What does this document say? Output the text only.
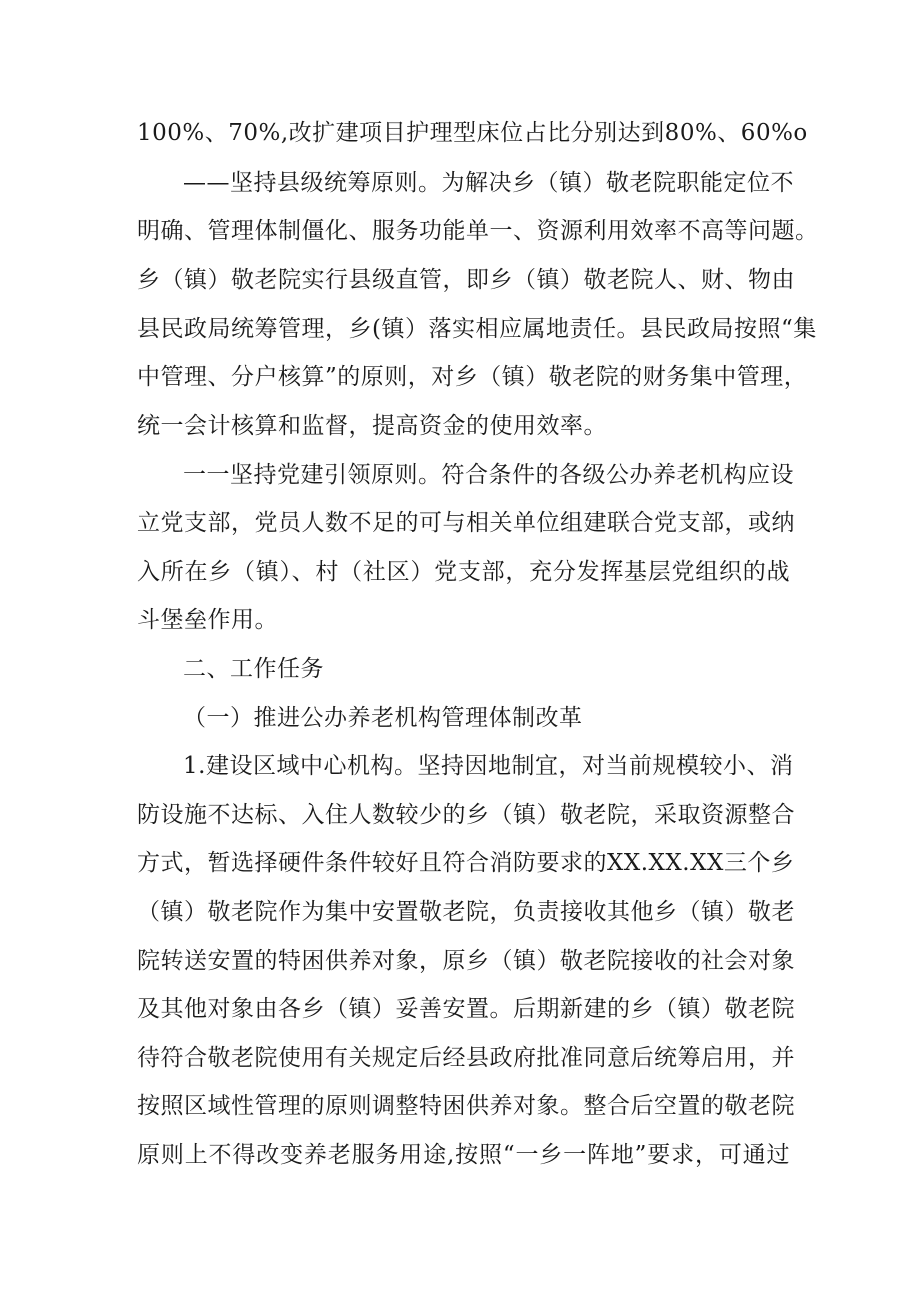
100%、70%,改扩建项目护理型床位占比分别达到80%、60%o
——坚持县级统筹原则。为解决乡（镇）敬老院职能定位不
明确、管理体制僵化、服务功能单一、资源利用效率不高等问题。
乡（镇）敬老院实行县级直管，即乡（镇）敬老院人、财、物由
县民政局统筹管理，乡(镇）落实相应属地责任。县民政局按照“集
中管理、分户核算”的原则，对乡（镇）敬老院的财务集中管理，
统一会计核算和监督，提高资金的使用效率。
一一坚持党建引领原则。符合条件的各级公办养老机构应设
立党支部，党员人数不足的可与相关单位组建联合党支部，或纳
入所在乡（镇）、村（社区）党支部，充分发挥基层党组织的战
斗堡垒作用。
二、工作任务
（一）推进公办养老机构管理体制改革
1.建设区域中心机构。坚持因地制宜，对当前规模较小、消
防设施不达标、入住人数较少的乡（镇）敬老院，采取资源整合
方式，暂选择硬件条件较好且符合消防要求的XX.XX.XX三个乡
（镇）敬老院作为集中安置敬老院，负责接收其他乡（镇）敬老
院转送安置的特困供养对象，原乡（镇）敬老院接收的社会对象
及其他对象由各乡（镇）妥善安置。后期新建的乡（镇）敬老院
待符合敬老院使用有关规定后经县政府批准同意后统筹启用，并
按照区域性管理的原则调整特困供养对象。整合后空置的敬老院
原则上不得改变养老服务用途,按照“一乡一阵地”要求，可通过
